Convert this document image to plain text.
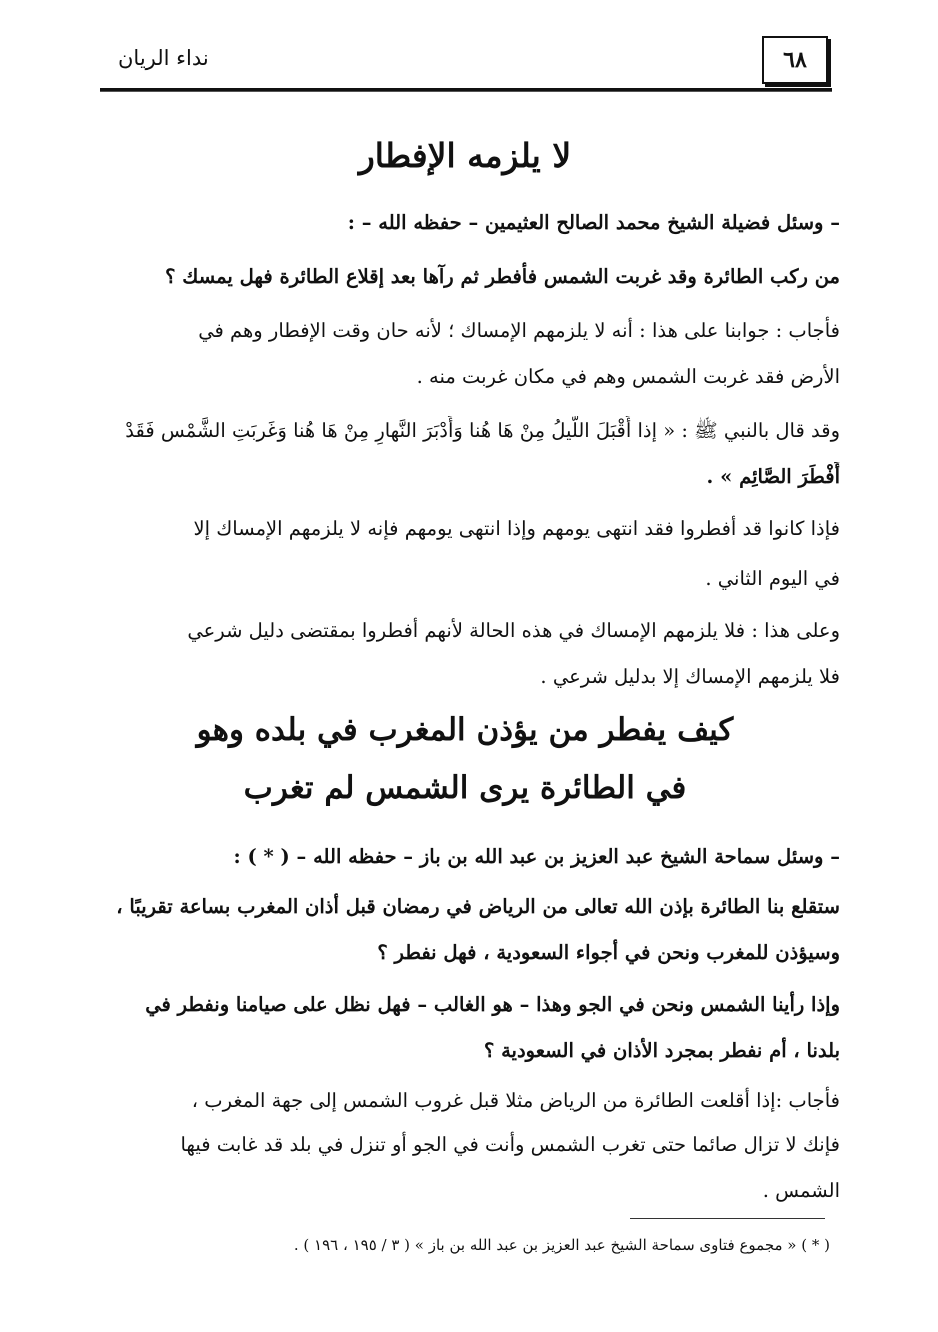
نداء الريان	٦٨
لا يلزمه الإفطار
– وسئل فضيلة الشيخ محمد الصالح العثيمين – حفظه الله – :
من ركب الطائرة وقد غربت الشمس فأفطر ثم رآها بعد إقلاع الطائرة فهل يمسك ؟
فأجاب : جوابنا على هذا : أنه لا يلزمهم الإمساك ؛ لأنه حان وقت الإفطار وهم في
الأرض فقد غربت الشمس وهم في مكان غربت منه .
وقد قال بالنبي ﷺ : « إذا أَقْبَلَ اللَّيلُ مِنْ هَا هُنا وَأَدْبَرَ النَّهارِ مِنْ هَا هُنا وَغَربَتِ الشَّمْس فَقَدْ
أَفْطَرَ الصَّائِم » .
فإذا كانوا قد أفطروا فقد انتهى يومهم وإذا انتهى يومهم فإنه لا يلزمهم الإمساك إلا
في اليوم الثاني .
وعلى هذا : فلا يلزمهم الإمساك في هذه الحالة لأنهم أفطروا بمقتضى دليل شرعي
فلا يلزمهم الإمساك إلا بدليل شرعي .
كيف يفطر من يؤذن المغرب في بلده وهو
في الطائرة يرى الشمس لم تغرب
– وسئل سماحة الشيخ عبد العزيز بن عبد الله بن باز – حفظه الله – ( * ) :
ستقلع بنا الطائرة بإذن الله تعالى من الرياض في رمضان قبل أذان المغرب بساعة تقريبًا ،
وسيؤذن للمغرب ونحن في أجواء السعودية ، فهل نفطر ؟
وإذا رأينا الشمس ونحن في الجو وهذا – هو الغالب – فهل نظل على صيامنا ونفطر في
بلدنا ، أم نفطر بمجرد الأذان في السعودية ؟
فأجاب :إذا أقلعت الطائرة من الرياض مثلا قبل غروب الشمس إلى جهة المغرب ،
فإنك لا تزال صائما حتى تغرب الشمس وأنت في الجو أو تنزل في بلد قد غابت فيها
الشمس .
( * ) « مجموع فتاوى سماحة الشيخ عبد العزيز بن عبد الله بن باز » ( ٣ / ١٩٥ ، ١٩٦ ) .
